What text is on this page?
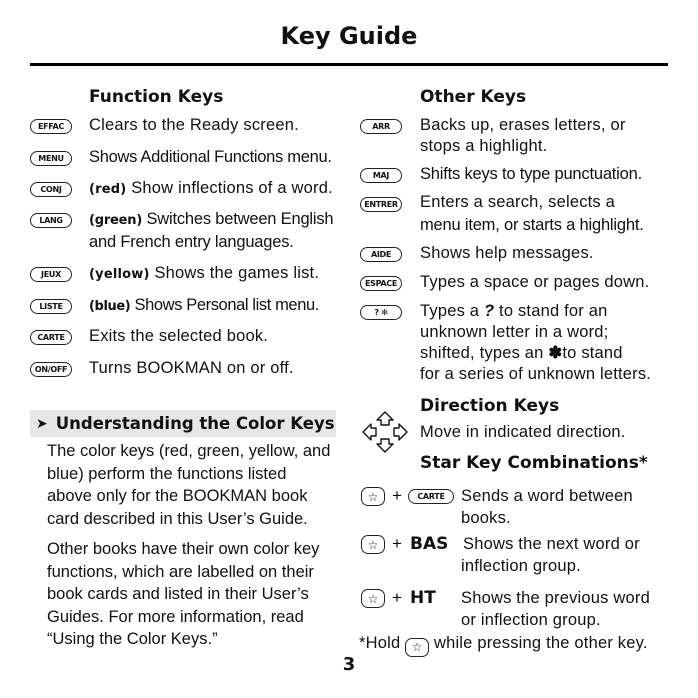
Key Guide
Function Keys
EFFAC	Clears to the Ready screen.
MENU	Shows Additional Functions menu.
CONJ	(red) Show inflections of a word.
LANG	(green) Switches between English
and French entry languages.
JEUX	(yellow) Shows the games list.
LISTE	(blue) Shows Personal list menu.
CARTE	Exits the selected book.
ON/OFF Turns BOOKMAN on or off.
➤ Understanding the Color Keys
The color keys (red, green, yellow, and
blue) perform the functions listed
above only for the BOOKMAN book
card described in this User’s Guide.
Other books have their own color key
functions, which are labelled on their
book cards and listed in their User’s
Guides. For more information, read
“Using the Color Keys.”
Other Keys
ARR	Backs up, erases letters, or
stops a highlight.
MAJ	Shifts keys to type punctuation.
ENTRER Enters a search, selects a
menu item, or starts a highlight.
AIDE	Shows help messages.
ESPACE	Types a space or pages down.
? ✻	Types a ? to stand for an
unknown letter in a word;
shifted, types an ✽to stand
for a series of unknown letters.
Direction Keys
Move in indicated direction.
Star Key Combinations*
☆ +	CARTE Sends a word between
books.
☆ + BAS Shows the next word or
inflection group.
☆ + HT Shows the previous word
or inflection group.
*Hold ☆ while pressing the other key.
3
